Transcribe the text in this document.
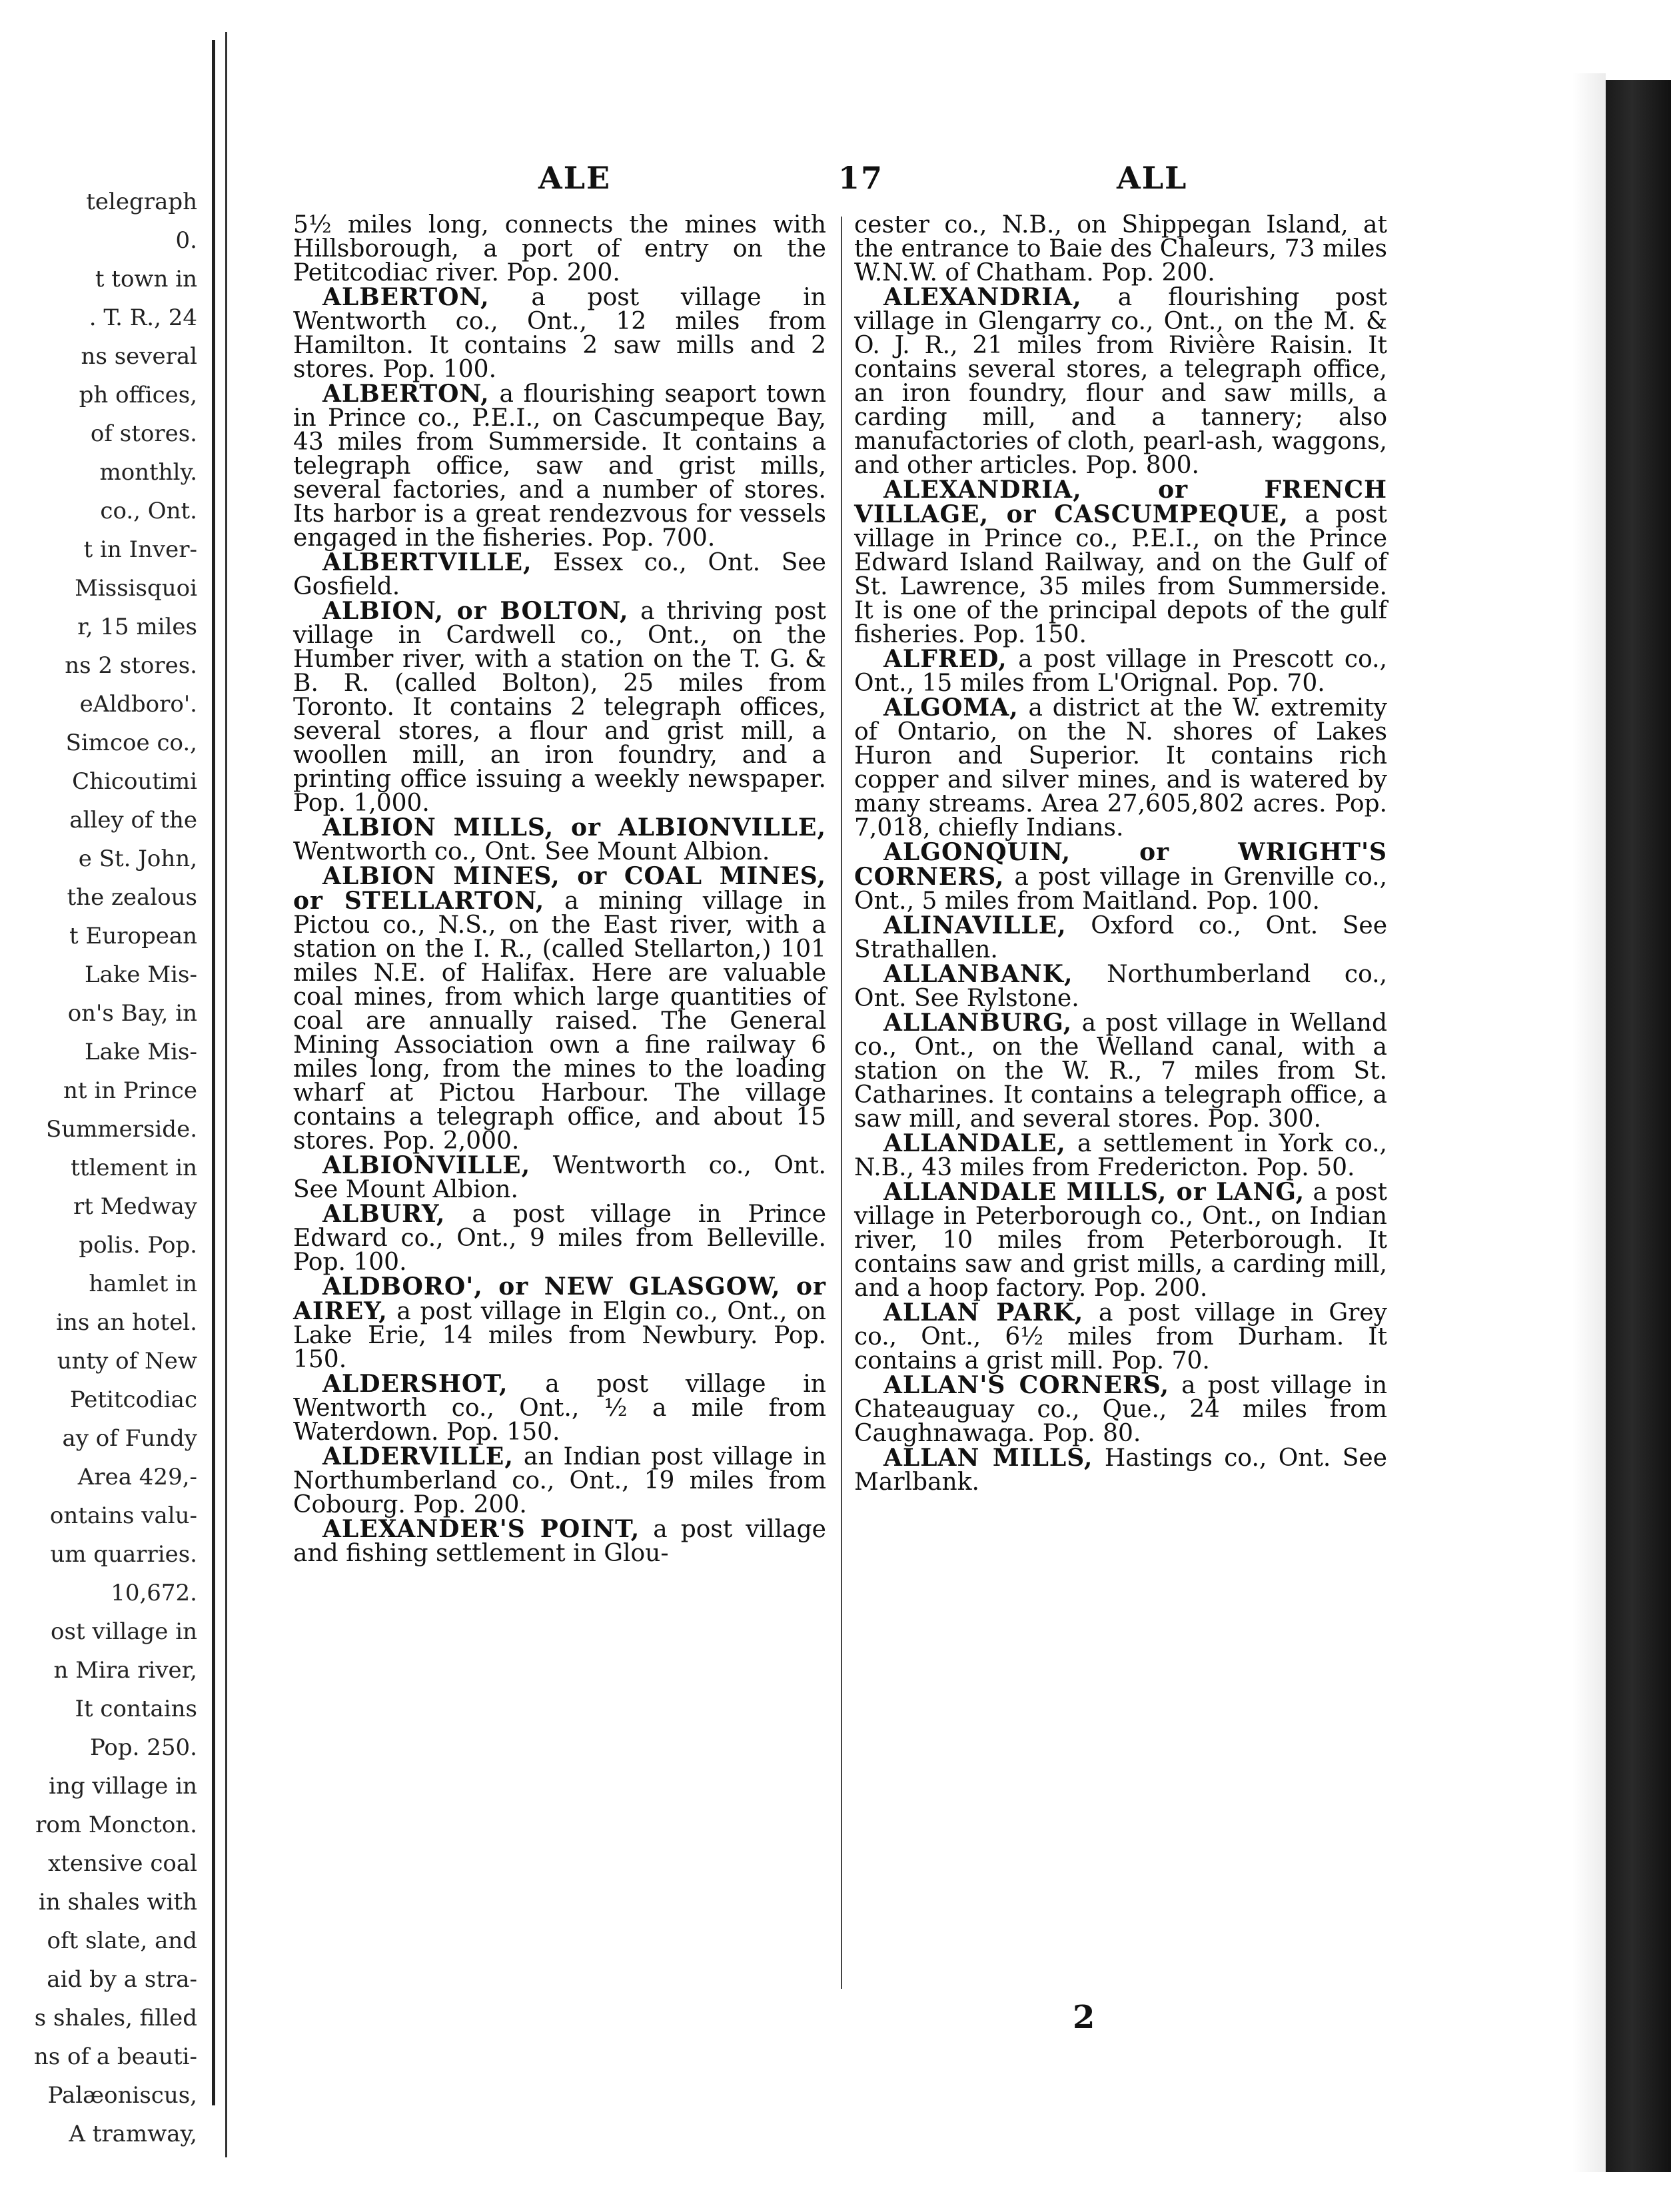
telegraph
0.
t town in
. T. R., 24
ns several
ph offices,
of stores.
monthly.
co., Ont.
t in Inver-
Missisquoi
r, 15 miles
ns 2 stores.
eAldboro'.
Simcoe co.,
Chicoutimi
alley of the
e St. John,
the zealous
t European
Lake Mis-
on's Bay, in
Lake Mis-
nt in Prince
Summerside.
ttlement in
rt Medway
polis. Pop.
hamlet in
ins an hotel.
unty of New
Petitcodiac
ay of Fundy
Area 429,-
ontains valu-
um quarries.
10,672.
ost village in
n Mira river,
It contains
Pop. 250.
ing village in
rom Moncton.
xtensive coal
in shales with
oft slate, and
aid by a stra-
s shales, filled
ns of a beauti-
Palæoniscus,
A tramway,
ALE	17	ALL

5½ miles long, connects the mines with Hillsborough, a port of entry on the Petitcodiac river. Pop. 200.

ALBERTON, a post village in Wentworth co., Ont., 12 miles from Hamilton. It contains 2 saw mills and 2 stores. Pop. 100.

ALBERTON, a flourishing seaport town in Prince co., P.E.I., on Cascumpeque Bay, 43 miles from Summerside. It contains a telegraph office, saw and grist mills, several factories, and a number of stores. Its harbor is a great rendezvous for vessels engaged in the fisheries. Pop. 700.

ALBERTVILLE, Essex co., Ont. See Gosfield.

ALBION, or BOLTON, a thriving post village in Cardwell co., Ont., on the Humber river, with a station on the T. G. & B. R. (called Bolton), 25 miles from Toronto. It contains 2 telegraph offices, several stores, a flour and grist mill, a woollen mill, an iron foundry, and a printing office issuing a weekly newspaper. Pop. 1,000.

ALBION MILLS, or ALBIONVILLE, Wentworth co., Ont. See Mount Albion.

ALBION MINES, or COAL MINES, or STELLARTON, a mining village in Pictou co., N.S., on the East river, with a station on the I. R., (called Stellarton,) 101 miles N.E. of Halifax. Here are valuable coal mines, from which large quantities of coal are annually raised. The General Mining Association own a fine railway 6 miles long, from the mines to the loading wharf at Pictou Harbour. The village contains a telegraph office, and about 15 stores. Pop. 2,000.

ALBIONVILLE, Wentworth co., Ont. See Mount Albion.

ALBURY, a post village in Prince Edward co., Ont., 9 miles from Belleville. Pop. 100.

ALDBORO', or NEW GLASGOW, or AIREY, a post village in Elgin co., Ont., on Lake Erie, 14 miles from Newbury. Pop. 150.

ALDERSHOT, a post village in Wentworth co., Ont., ½ a mile from Waterdown. Pop. 150.

ALDERVILLE, an Indian post village in Northumberland co., Ont., 19 miles from Cobourg. Pop. 200.

ALEXANDER'S POINT, a post village and fishing settlement in Glou-

cester co., N.B., on Shippegan Island, at the entrance to Baie des Chaleurs, 73 miles W.N.W. of Chatham. Pop. 200.

ALEXANDRIA, a flourishing post village in Glengarry co., Ont., on the M. & O. J. R., 21 miles from Rivière Raisin. It contains several stores, a telegraph office, an iron foundry, flour and saw mills, a carding mill, and a tannery; also manufactories of cloth, pearl-ash, waggons, and other articles. Pop. 800.

ALEXANDRIA, or FRENCH VILLAGE, or CASCUMPEQUE, a post village in Prince co., P.E.I., on the Prince Edward Island Railway, and on the Gulf of St. Lawrence, 35 miles from Summerside. It is one of the principal depots of the gulf fisheries. Pop. 150.

ALFRED, a post village in Prescott co., Ont., 15 miles from L'Orignal. Pop. 70.

ALGOMA, a district at the W. extremity of Ontario, on the N. shores of Lakes Huron and Superior. It contains rich copper and silver mines, and is watered by many streams. Area 27,605,802 acres. Pop. 7,018, chiefly Indians.

ALGONQUIN, or WRIGHT'S CORNERS, a post village in Grenville co., Ont., 5 miles from Maitland. Pop. 100.

ALINAVILLE, Oxford co., Ont. See Strathallen.

ALLANBANK, Northumberland co., Ont. See Rylstone.

ALLANBURG, a post village in Welland co., Ont., on the Welland canal, with a station on the W. R., 7 miles from St. Catharines. It contains a telegraph office, a saw mill, and several stores. Pop. 300.

ALLANDALE, a settlement in York co., N.B., 43 miles from Fredericton. Pop. 50.

ALLANDALE MILLS, or LANG, a post village in Peterborough co., Ont., on Indian river, 10 miles from Peterborough. It contains saw and grist mills, a carding mill, and a hoop factory. Pop. 200.

ALLAN PARK, a post village in Grey co., Ont., 6½ miles from Durham. It contains a grist mill. Pop. 70.

ALLAN'S CORNERS, a post village in Chateauguay co., Que., 24 miles from Caughnawaga. Pop. 80.

ALLAN MILLS, Hastings co., Ont. See Marlbank.

2
